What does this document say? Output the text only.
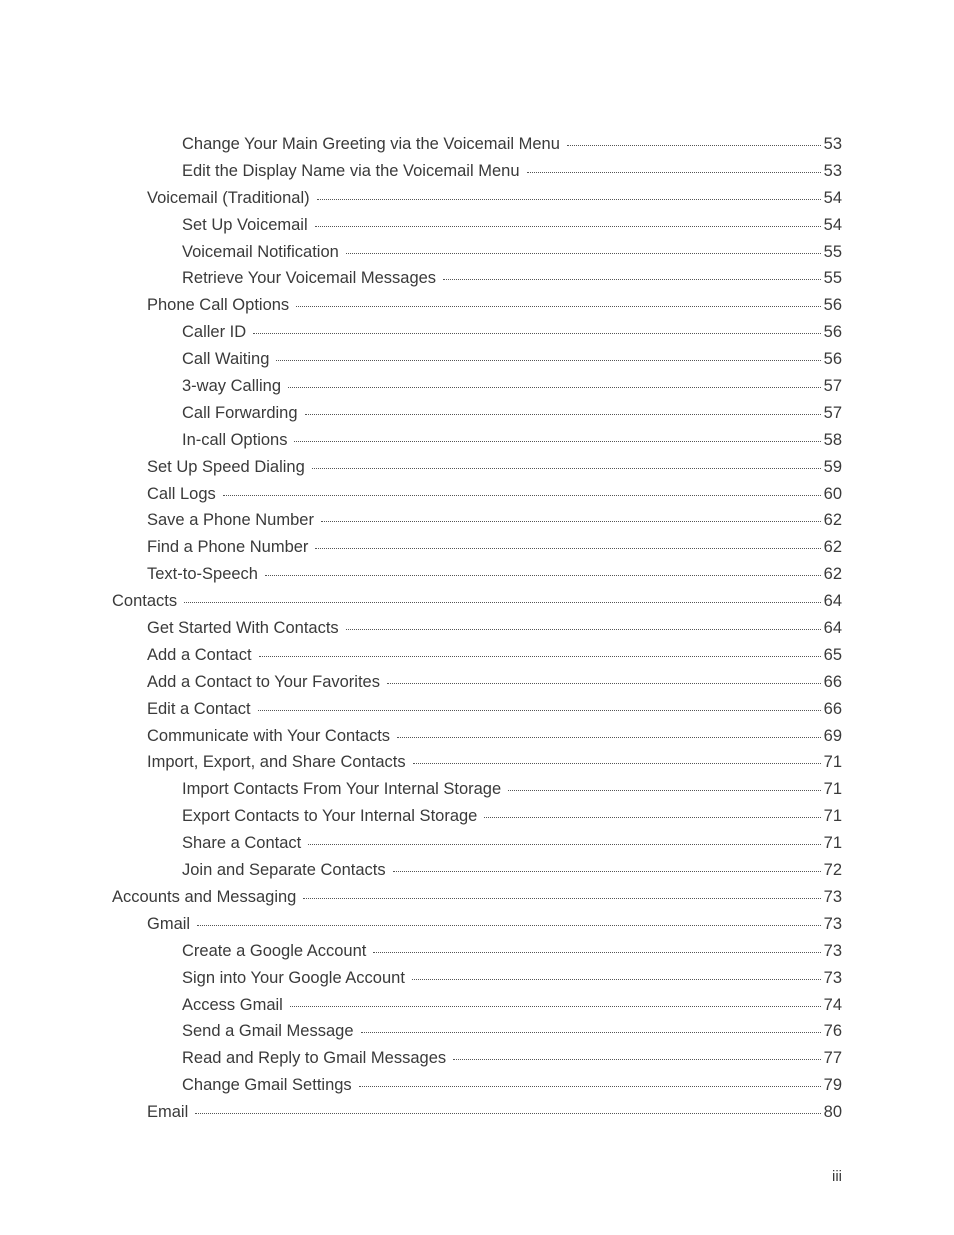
Change Your Main Greeting via the Voicemail Menu	53
Edit the Display Name via the Voicemail Menu	53
Voicemail (Traditional)	54
Set Up Voicemail	54
Voicemail Notification	55
Retrieve Your Voicemail Messages	55
Phone Call Options	56
Caller ID	56
Call Waiting	56
3-way Calling	57
Call Forwarding	57
In-call Options	58
Set Up Speed Dialing	59
Call Logs	60
Save a Phone Number	62
Find a Phone Number	62
Text-to-Speech	62
Contacts	64
Get Started With Contacts	64
Add a Contact	65
Add a Contact to Your Favorites	66
Edit a Contact	66
Communicate with Your Contacts	69
Import, Export, and Share Contacts	71
Import Contacts From Your Internal Storage	71
Export Contacts to Your Internal Storage	71
Share a Contact	71
Join and Separate Contacts	72
Accounts and Messaging	73
Gmail	73
Create a Google Account	73
Sign into Your Google Account	73
Access Gmail	74
Send a Gmail Message	76
Read and Reply to Gmail Messages	77
Change Gmail Settings	79
Email	80
iii
